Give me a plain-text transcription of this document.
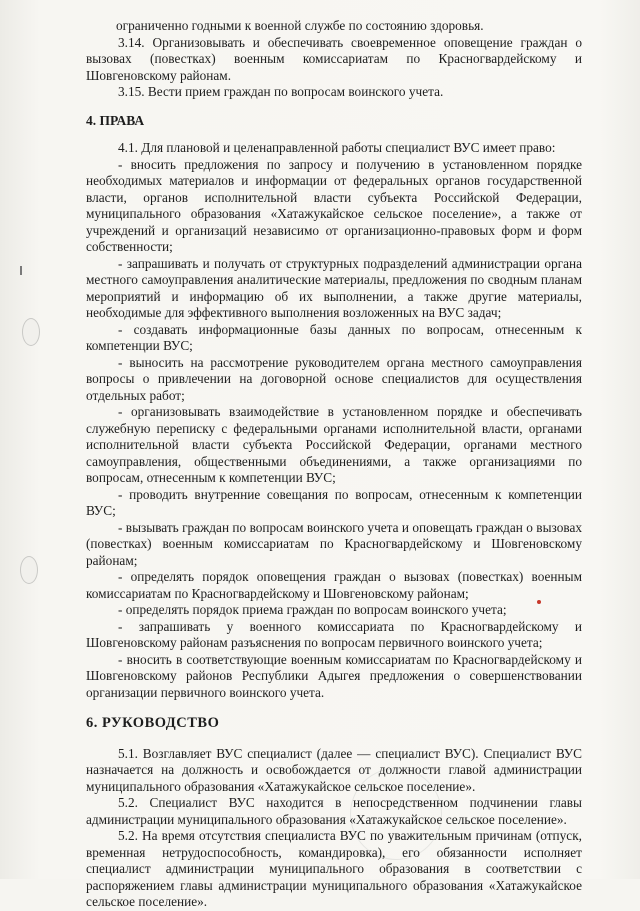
ограниченно годными к военной службе по состоянию здоровья.

3.14. Организовывать и обеспечивать своевременное оповещение граждан о вызовах (повестках) военным комиссариатам по Красногвардейскому и Шовгеновскому районам.

3.15. Вести прием граждан по вопросам воинского учета.

4. ПРАВА

4.1. Для плановой и целенаправленной работы специалист ВУС имеет право:

- вносить предложения по запросу и получению в установленном порядке необходимых материалов и информации от федеральных органов государственной власти, органов исполнительной власти субъекта Российской Федерации, муниципального образования «Хатажукайское сельское поселение», а также от учреждений и организаций независимо от организационно-правовых форм и форм собственности;

- запрашивать и получать от структурных подразделений администрации органа местного самоуправления аналитические материалы, предложения по сводным планам мероприятий и информацию об их выполнении, а также другие материалы, необходимые для эффективного выполнения возложенных на ВУС задач;

- создавать информационные базы данных по вопросам, отнесенным к компетенции ВУС;

- выносить на рассмотрение руководителем органа местного самоуправления вопросы о привлечении на договорной основе специалистов для осуществления отдельных работ;

- организовывать взаимодействие в установленном порядке и обеспечивать служебную переписку с федеральными органами исполнительной власти, органами исполнительной власти субъекта Российской Федерации, органами местного самоуправления, общественными объединениями, а также организациями по вопросам, отнесенным к компетенции ВУС;

- проводить внутренние совещания по вопросам, отнесенным к компетенции ВУС;

- вызывать граждан по вопросам воинского учета и оповещать граждан о вызовах (повестках) военным комиссариатам по Красногвардейскому и Шовгеновскому районам;

- определять порядок оповещения граждан о вызовах (повестках) военным комиссариатам по Красногвардейскому и Шовгеновскому районам;

- определять порядок приема граждан по вопросам воинского учета;

- запрашивать у военного комиссариата по Красногвардейскому и Шовгеновскому районам разъяснения по вопросам первичного воинского учета;

- вносить в соответствующие военным комиссариатам по Красногвардейскому и Шовгеновскому районов Республики Адыгея предложения о совершенствовании организации первичного воинского учета.

6. РУКОВОДСТВО

5.1. Возглавляет ВУС специалист (далее — специалист ВУС). Специалист ВУС назначается на должность и освобождается от должности главой администрации муниципального образования «Хатажукайское сельское поселение».

5.2. Специалист ВУС находится в непосредственном подчинении главы администрации муниципального образования «Хатажукайское сельское поселение».

5.2. На время отсутствия специалиста ВУС по уважительным причинам (отпуск, временная нетрудоспособность, командировка), его обязанности исполняет специалист администрации муниципального образования в соответствии с распоряжением главы администрации муниципального образования «Хатажукайское сельское поселение».
